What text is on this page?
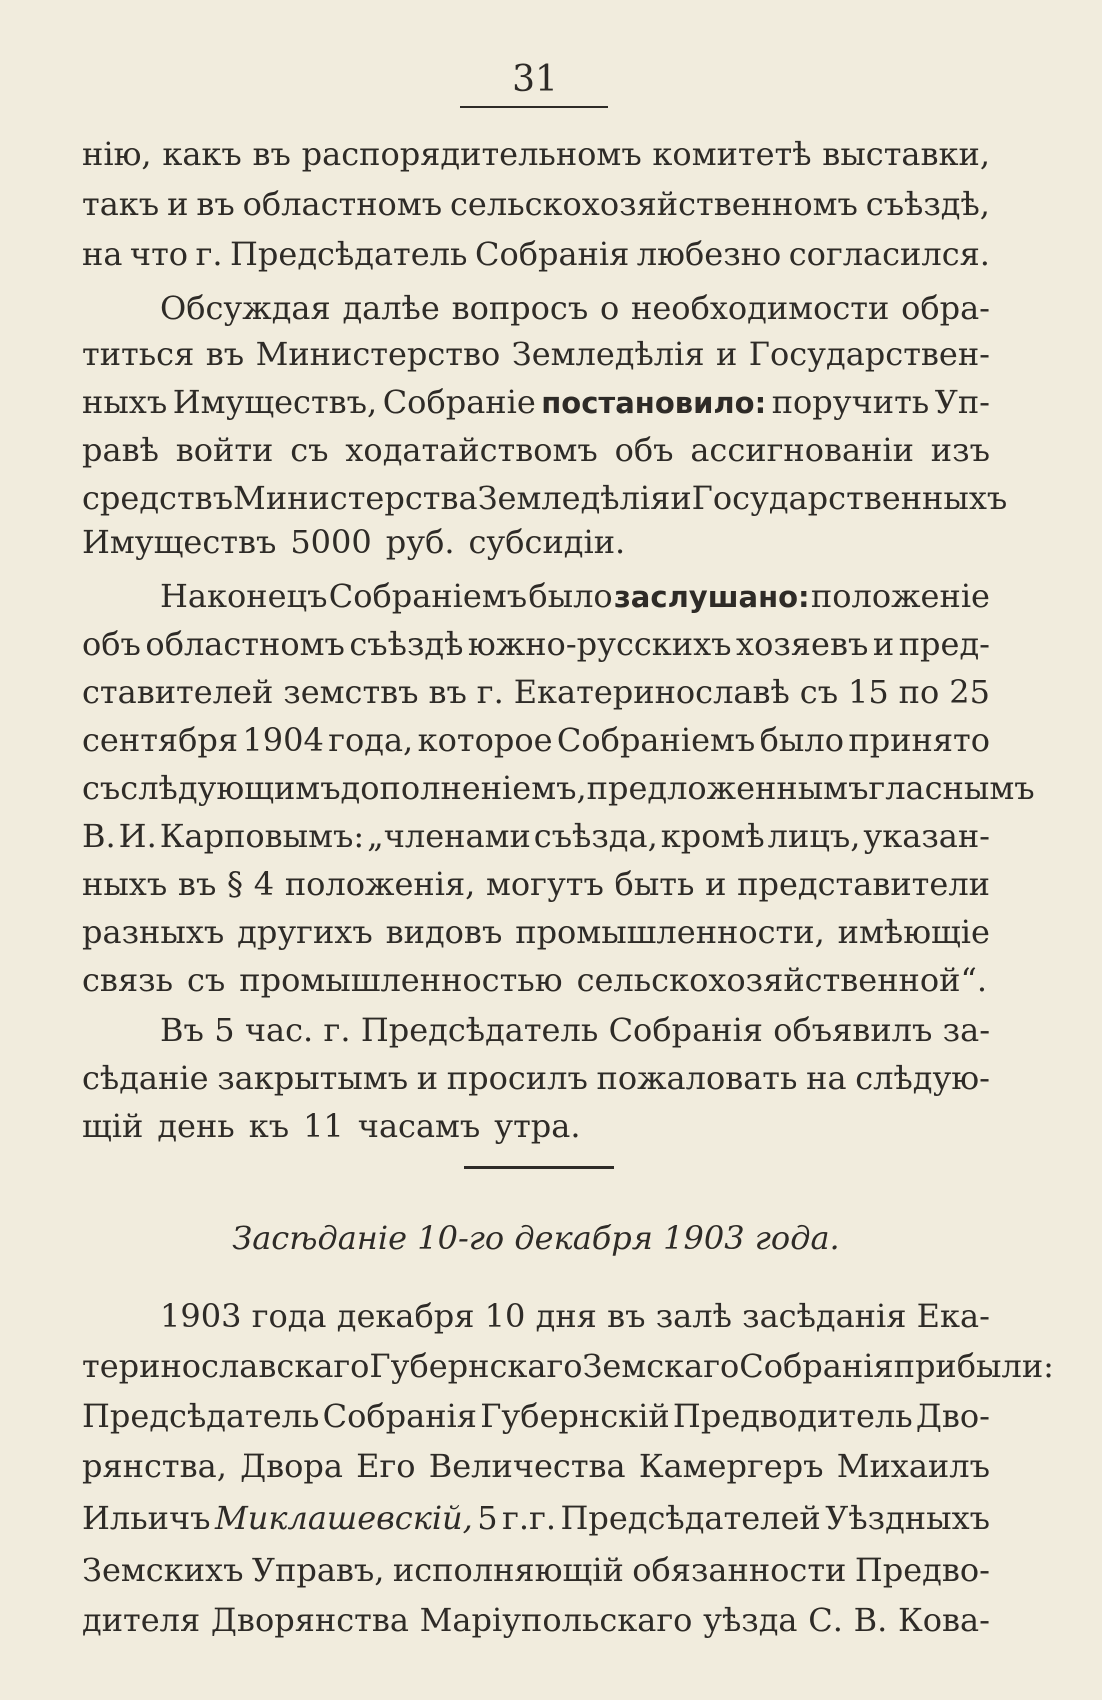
31
нію, какъ въ распорядительномъ комитетѣ выставки,
такъ и въ областномъ сельскохозяйственномъ съѣздѣ,
на что г. Предсѣдатель Собранія любезно согласился.
Обсуждая далѣе вопросъ о необходимости обра-
титься въ Министерство Земледѣлія и Государствен-
ныхъ Имуществъ, Собраніе постановило: поручить Уп-
равѣ войти съ ходатайствомъ объ ассигнованіи изъ
средствъ Министерства Земледѣлія и Государственныхъ
Имуществъ 5000 руб. субсидіи.
Наконецъ Собраніемъ было заслушано: положеніе
объ областномъ съѣздѣ южно-русскихъ хозяевъ и пред-
ставителей земствъ въ г. Екатеринославѣ съ 15 по 25
сентября 1904 года, которое Собраніемъ было принято
съ слѣдующимъ дополненіемъ, предложеннымъ гласнымъ
В. И. Карповымъ: „членами съѣзда, кромѣ лицъ, указан-
ныхъ въ § 4 положенія, могутъ быть и представители
разныхъ другихъ видовъ промышленности, имѣющіе
связь съ промышленностью сельскохозяйственной“.
Въ 5 час. г. Предсѣдатель Собранія объявилъ за-
сѣданіе закрытымъ и просилъ пожаловать на слѣдую-
щій день къ 11 часамъ утра.
Засѣданіе 10-го декабря 1903 года.
1903 года декабря 10 дня въ залѣ засѣданія Ека-
теринославскаго Губернскаго Земскаго Собранія прибыли:
Предсѣдатель Собранія Губернскій Предводитель Дво-
рянства, Двора Его Величества Камергеръ Михаилъ
Ильичъ Миклашевскій, 5 г.г. Предсѣдателей Уѣздныхъ
Земскихъ Управъ, исполняющій обязанности Предво-
дителя Дворянства Маріупольскаго уѣзда С. В. Кова-
